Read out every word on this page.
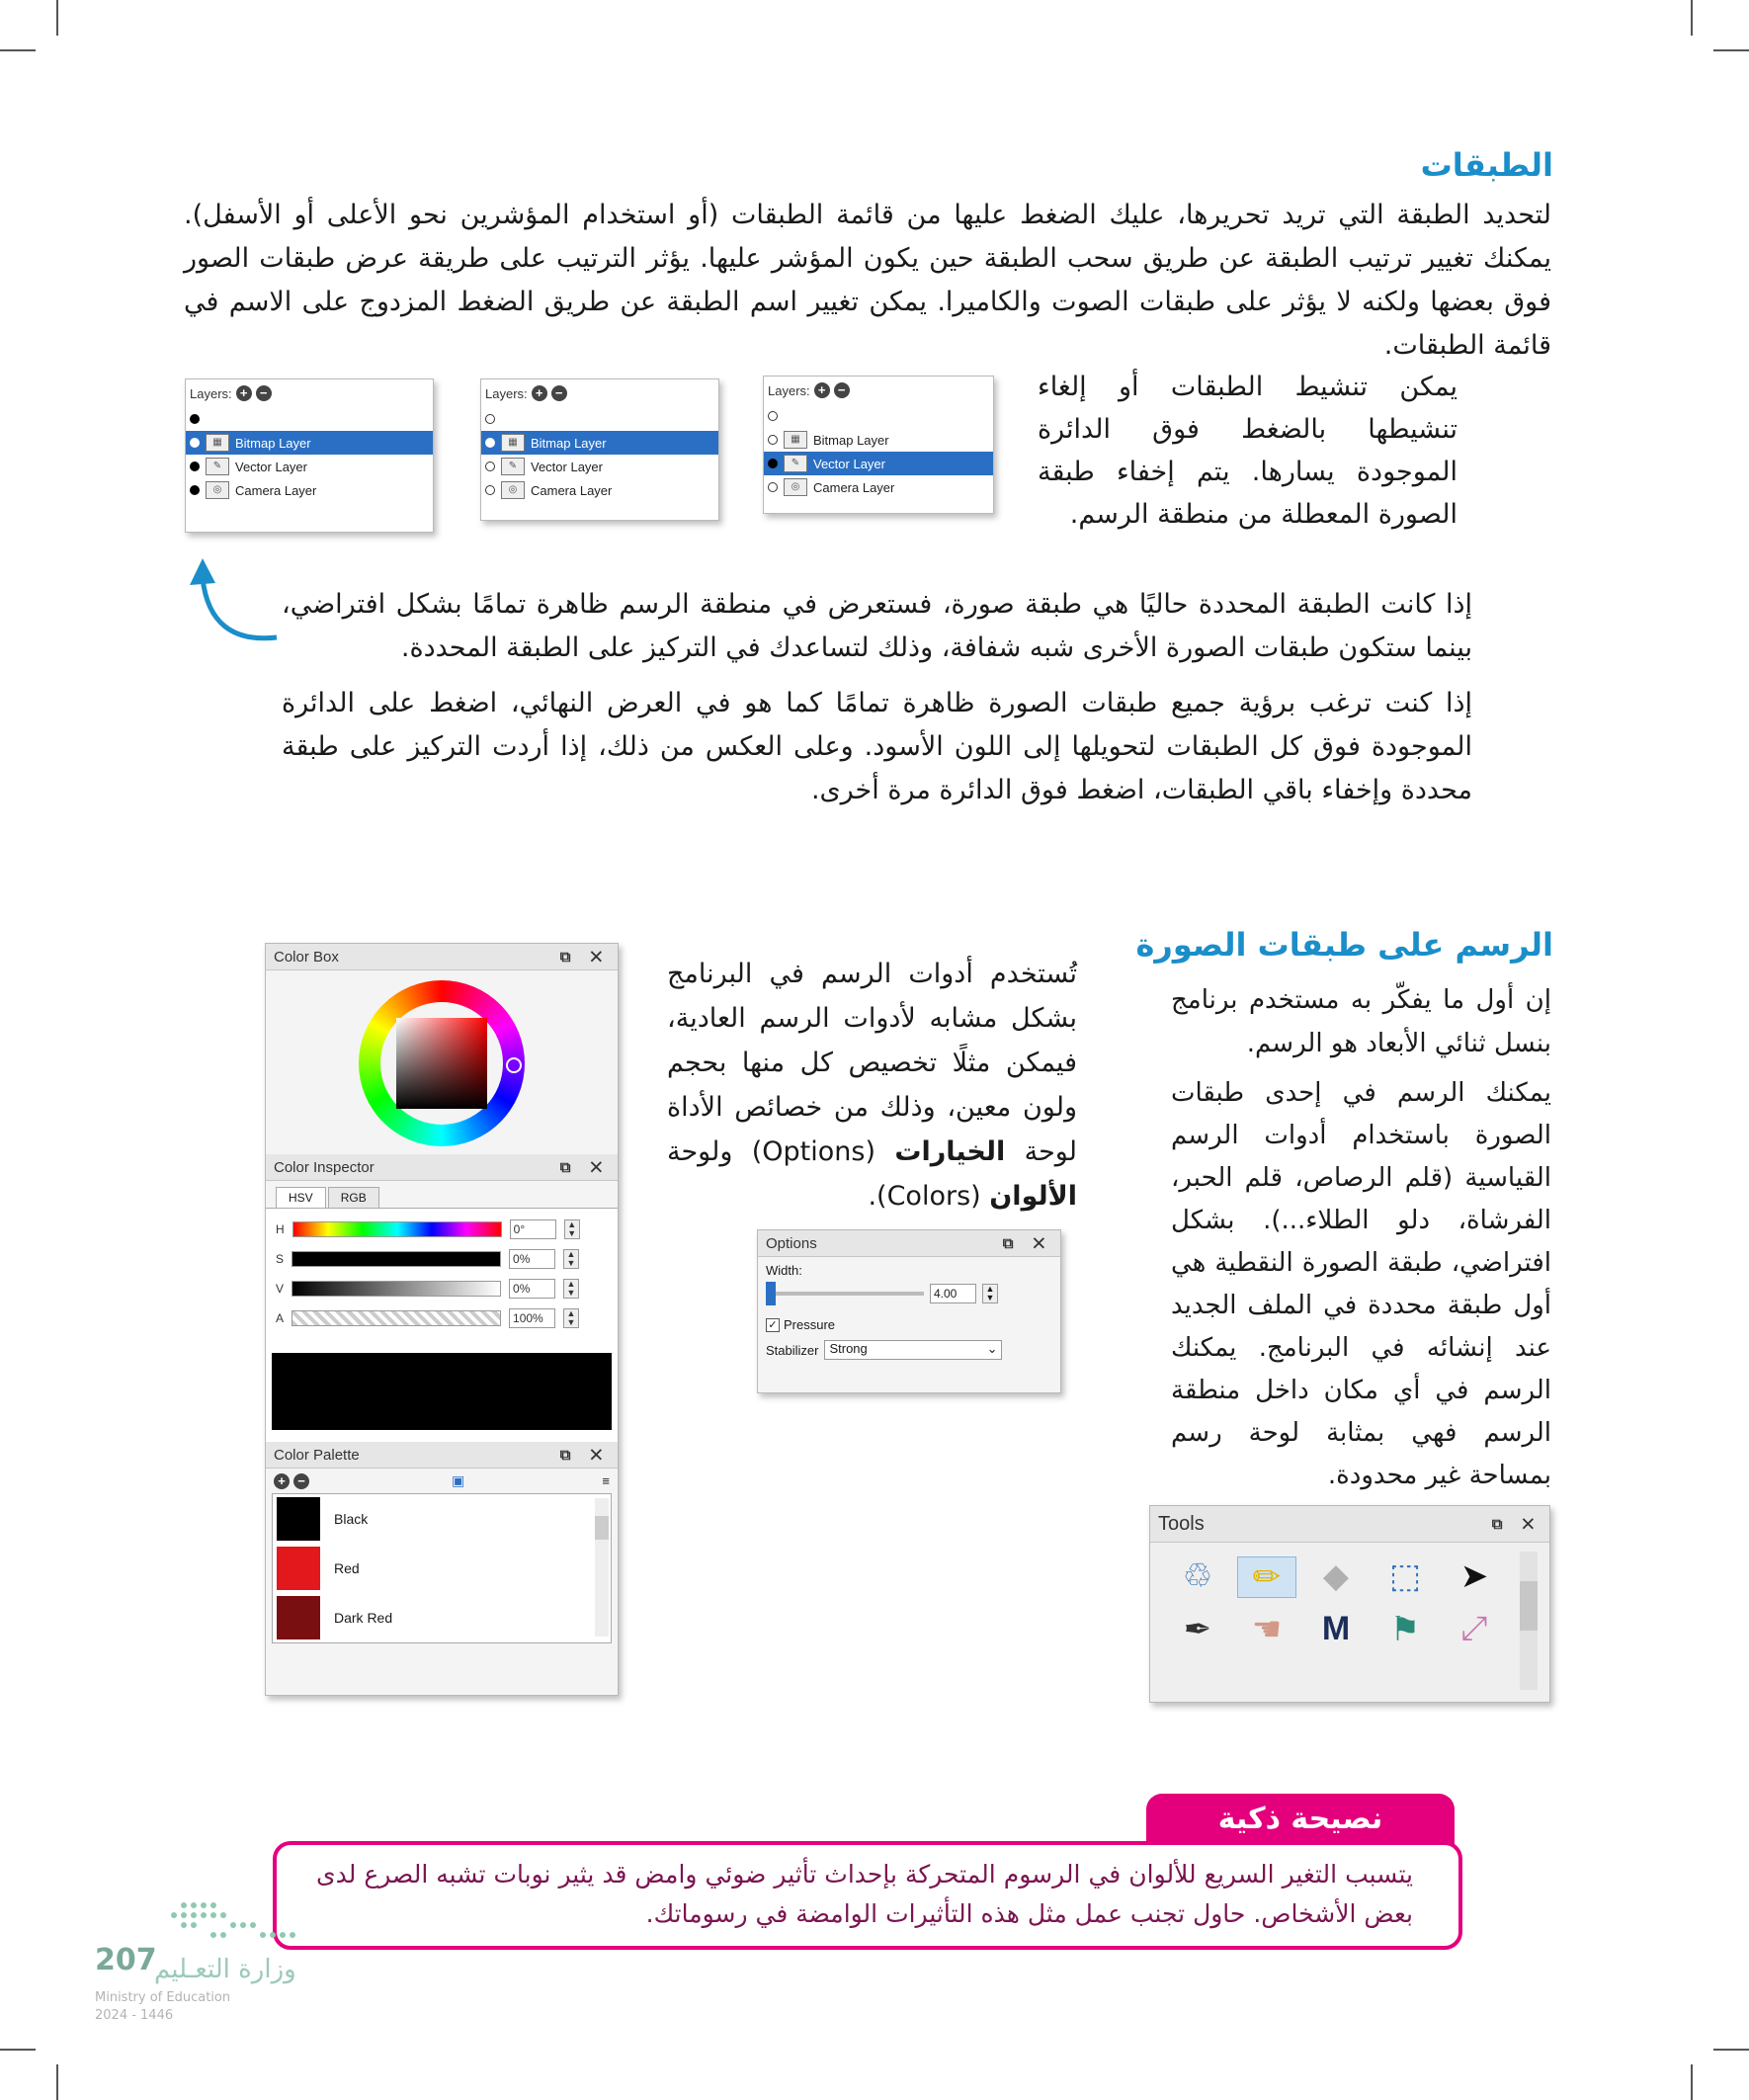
الطبقات
لتحديد الطبقة التي تريد تحريرها، عليك الضغط عليها من قائمة الطبقات (أو استخدام المؤشرين نحو الأعلى أو الأسفل). يمكنك تغيير ترتيب الطبقة عن طريق سحب الطبقة حين يكون المؤشر عليها. يؤثر الترتيب على طريقة عرض طبقات الصور فوق بعضها ولكنه لا يؤثر على طبقات الصوت والكاميرا. يمكن تغيير اسم الطبقة عن طريق الضغط المزدوج على الاسم في قائمة الطبقات.
يمكن تنشيط الطبقات أو إلغاء تنشيطها بالضغط فوق الدائرة الموجودة يسارها. يتم إخفاء طبقة الصورة المعطلة من منطقة الرسم.
Layers: + −
▦	Bitmap Layer
✎	Vector Layer
◎	Camera Layer
Layers: + −
▦	Bitmap Layer
✎	Vector Layer
◎	Camera Layer
Layers: + −
▦	Bitmap Layer
✎	Vector Layer
◎	Camera Layer
إذا كانت الطبقة المحددة حاليًا هي طبقة صورة، فستعرض في منطقة الرسم ظاهرة تمامًا بشكل افتراضي، بينما ستكون طبقات الصورة الأخرى شبه شفافة، وذلك لتساعدك في التركيز على الطبقة المحددة.
إذا كنت ترغب برؤية جميع طبقات الصورة ظاهرة تمامًا كما هو في العرض النهائي، اضغط على الدائرة الموجودة فوق كل الطبقات لتحويلها إلى اللون الأسود. وعلى العكس من ذلك، إذا أردت التركيز على طبقة محددة وإخفاء باقي الطبقات، اضغط فوق الدائرة مرة أخرى.
الرسم على طبقات الصورة
إن أول ما يفكّر به مستخدم برنامج بنسل ثنائي الأبعاد هو الرسم.
يمكنك الرسم في إحدى طبقات الصورة باستخدام أدوات الرسم القياسية (قلم الرصاص، قلم الحبر، الفرشاة، دلو الطلاء...). بشكل افتراضي، طبقة الصورة النقطية هي أول طبقة محددة في الملف الجديد عند إنشائه في البرنامج. يمكنك الرسم في أي مكان داخل منطقة الرسم فهي بمثابة لوحة رسم بمساحة غير محدودة.
تُستخدم أدوات الرسم في البرنامج بشكل مشابه لأدوات الرسم العادية، فيمكن مثلًا تخصيص كل منها بحجم ولون معين، وذلك من خصائص الأداة لوحة الخيارات (Options) ولوحة الألوان (Colors).
Tools	⧉ ✕
♲	✏	◆	⬚	➤
✒	☚	M	⚑	⤢
Options	⧉ ✕
Width:
4.00	▲
▼
✓ Pressure
Stabilizer Strong	⌄
Color Box	⧉ ✕
Color Inspector	⧉ ✕
HSV RGB
H	0°	▲
▼
S	0%	▲
▼
V	0%	▲
▼
A	100%	▲
▼
Color Palette	⧉ ✕
+ −	▣	≡
Black
Red
Dark Red
نصيحة ذكية
يتسبب التغير السريع للألوان في الرسوم المتحركة بإحداث تأثير ضوئي وامض قد يثير نوبات تشبه الصرع لدى بعض الأشخاص. حاول تجنب عمل مثل هذه التأثيرات الوامضة في رسوماتك.
207
وزارة التعـليم
Ministry of Education
2024 - 1446
